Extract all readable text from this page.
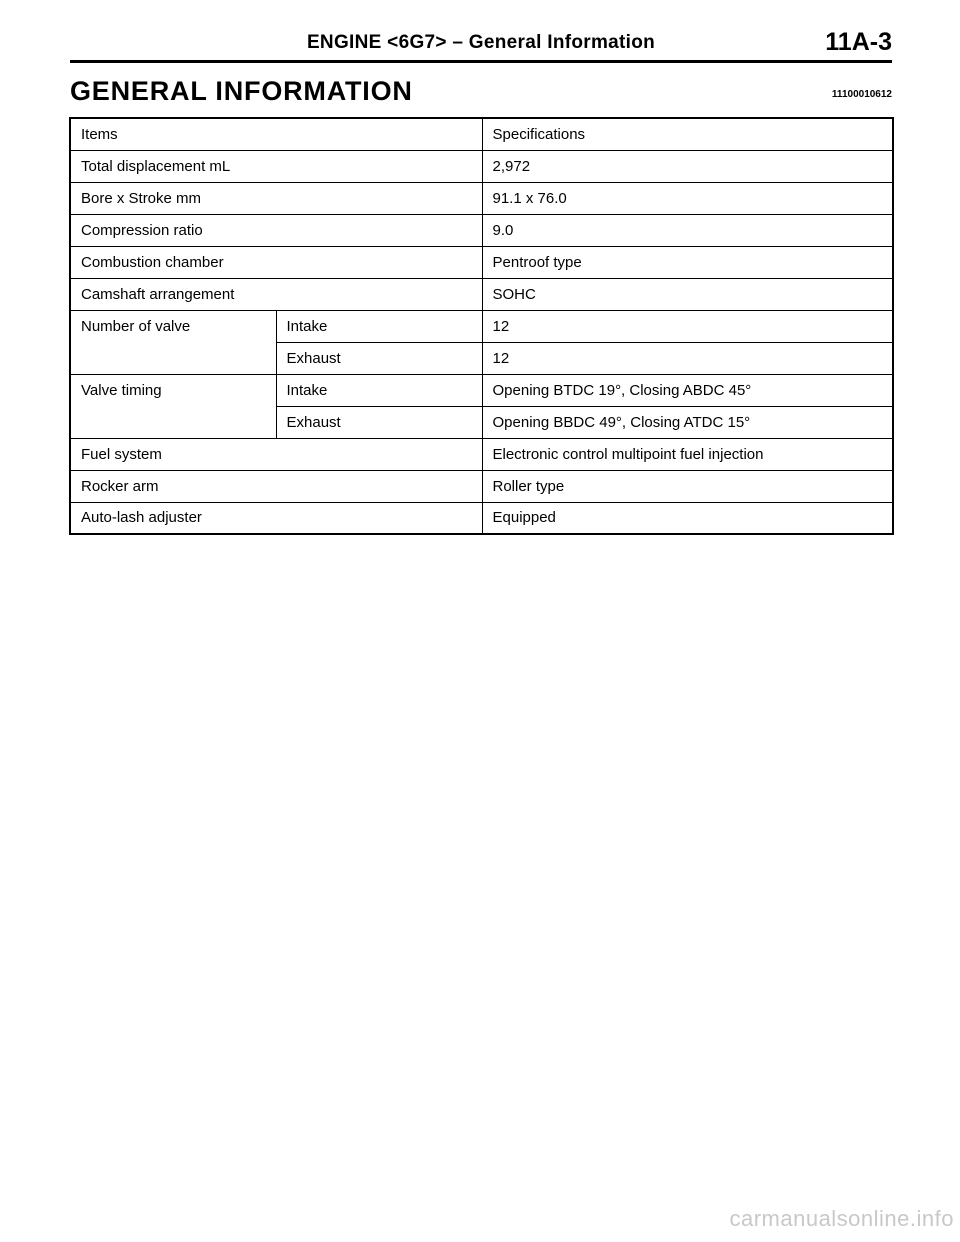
ENGINE <6G7> – General Information	11A-3
GENERAL INFORMATION	11100010612
Items		Specifications
Total displacement mL		2,972
Bore x Stroke mm		91.1 x 76.0
Compression ratio		9.0
Combustion chamber		Pentroof type
Camshaft arrangement		SOHC
Number of valve	Intake	12
	Exhaust	12
Valve timing	Intake	Opening BTDC 19°, Closing ABDC 45°
	Exhaust	Opening BBDC 49°, Closing ATDC 15°
Fuel system		Electronic control multipoint fuel injection
Rocker arm		Roller type
Auto-lash adjuster		Equipped
carmanualsonline.info
